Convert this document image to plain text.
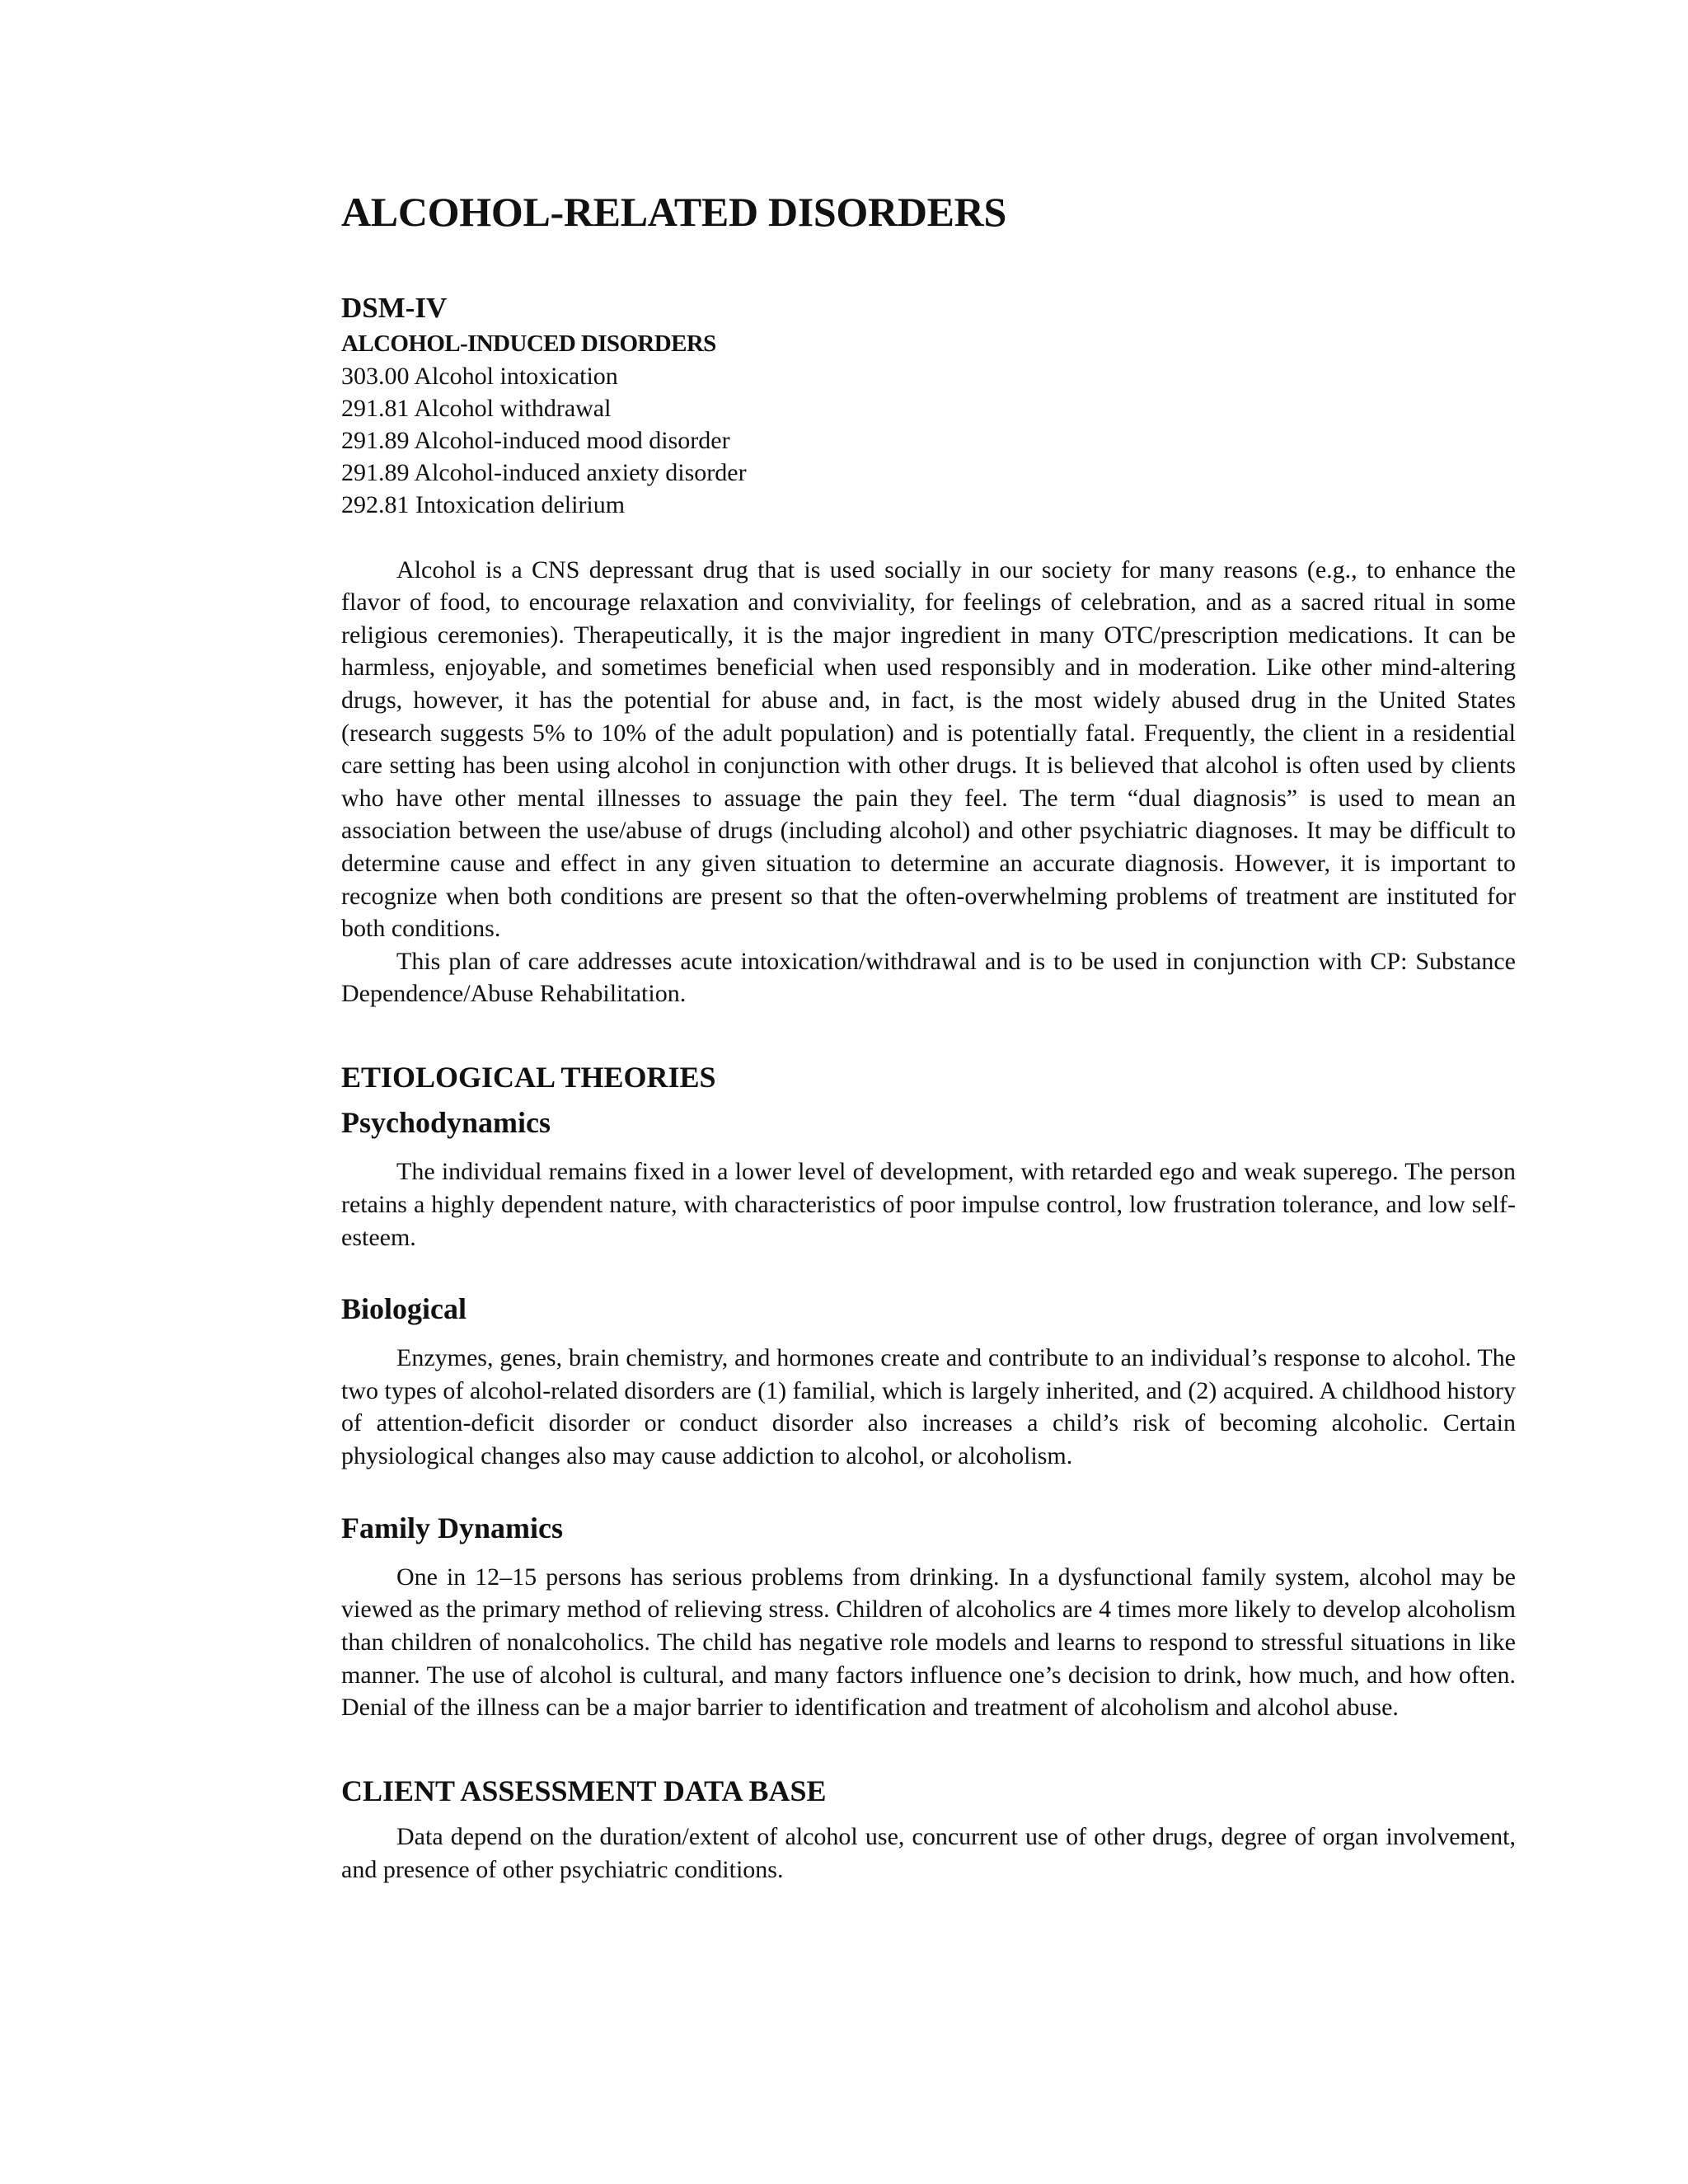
ALCOHOL-RELATED DISORDERS
DSM-IV
ALCOHOL-INDUCED DISORDERS
303.00 Alcohol intoxication
291.81 Alcohol withdrawal
291.89 Alcohol-induced mood disorder
291.89 Alcohol-induced anxiety disorder
292.81 Intoxication delirium

Alcohol is a CNS depressant drug that is used socially in our society for many reasons (e.g., to enhance the flavor of food, to encourage relaxation and conviviality, for feelings of celebration, and as a sacred ritual in some religious ceremonies). Therapeutically, it is the major ingredient in many OTC/prescription medications. It can be harmless, enjoyable, and sometimes beneficial when used responsibly and in moderation. Like other mind-altering drugs, however, it has the potential for abuse and, in fact, is the most widely abused drug in the United States (research suggests 5% to 10% of the adult population) and is potentially fatal. Frequently, the client in a residential care setting has been using alcohol in conjunction with other drugs. It is believed that alcohol is often used by clients who have other mental illnesses to assuage the pain they feel. The term “dual diagnosis” is used to mean an association between the use/abuse of drugs (including alcohol) and other psychiatric diagnoses. It may be difficult to determine cause and effect in any given situation to determine an accurate diagnosis. However, it is important to recognize when both conditions are present so that the often-overwhelming problems of treatment are instituted for both conditions.

This plan of care addresses acute intoxication/withdrawal and is to be used in conjunction with CP: Substance Dependence/Abuse Rehabilitation.

ETIOLOGICAL THEORIES
Psychodynamics

The individual remains fixed in a lower level of development, with retarded ego and weak superego. The person retains a highly dependent nature, with characteristics of poor impulse control, low frustration tolerance, and low self-esteem.

Biological

Enzymes, genes, brain chemistry, and hormones create and contribute to an individual’s response to alcohol. The two types of alcohol-related disorders are (1) familial, which is largely inherited, and (2) acquired. A childhood history of attention-deficit disorder or conduct disorder also increases a child’s risk of becoming alcoholic. Certain physiological changes also may cause addiction to alcohol, or alcoholism.

Family Dynamics

One in 12–15 persons has serious problems from drinking. In a dysfunctional family system, alcohol may be viewed as the primary method of relieving stress. Children of alcoholics are 4 times more likely to develop alcoholism than children of nonalcoholics. The child has negative role models and learns to respond to stressful situations in like manner. The use of alcohol is cultural, and many factors influence one’s decision to drink, how much, and how often. Denial of the illness can be a major barrier to identification and treatment of alcoholism and alcohol abuse.

CLIENT ASSESSMENT DATA BASE

Data depend on the duration/extent of alcohol use, concurrent use of other drugs, degree of organ involvement, and presence of other psychiatric conditions.
